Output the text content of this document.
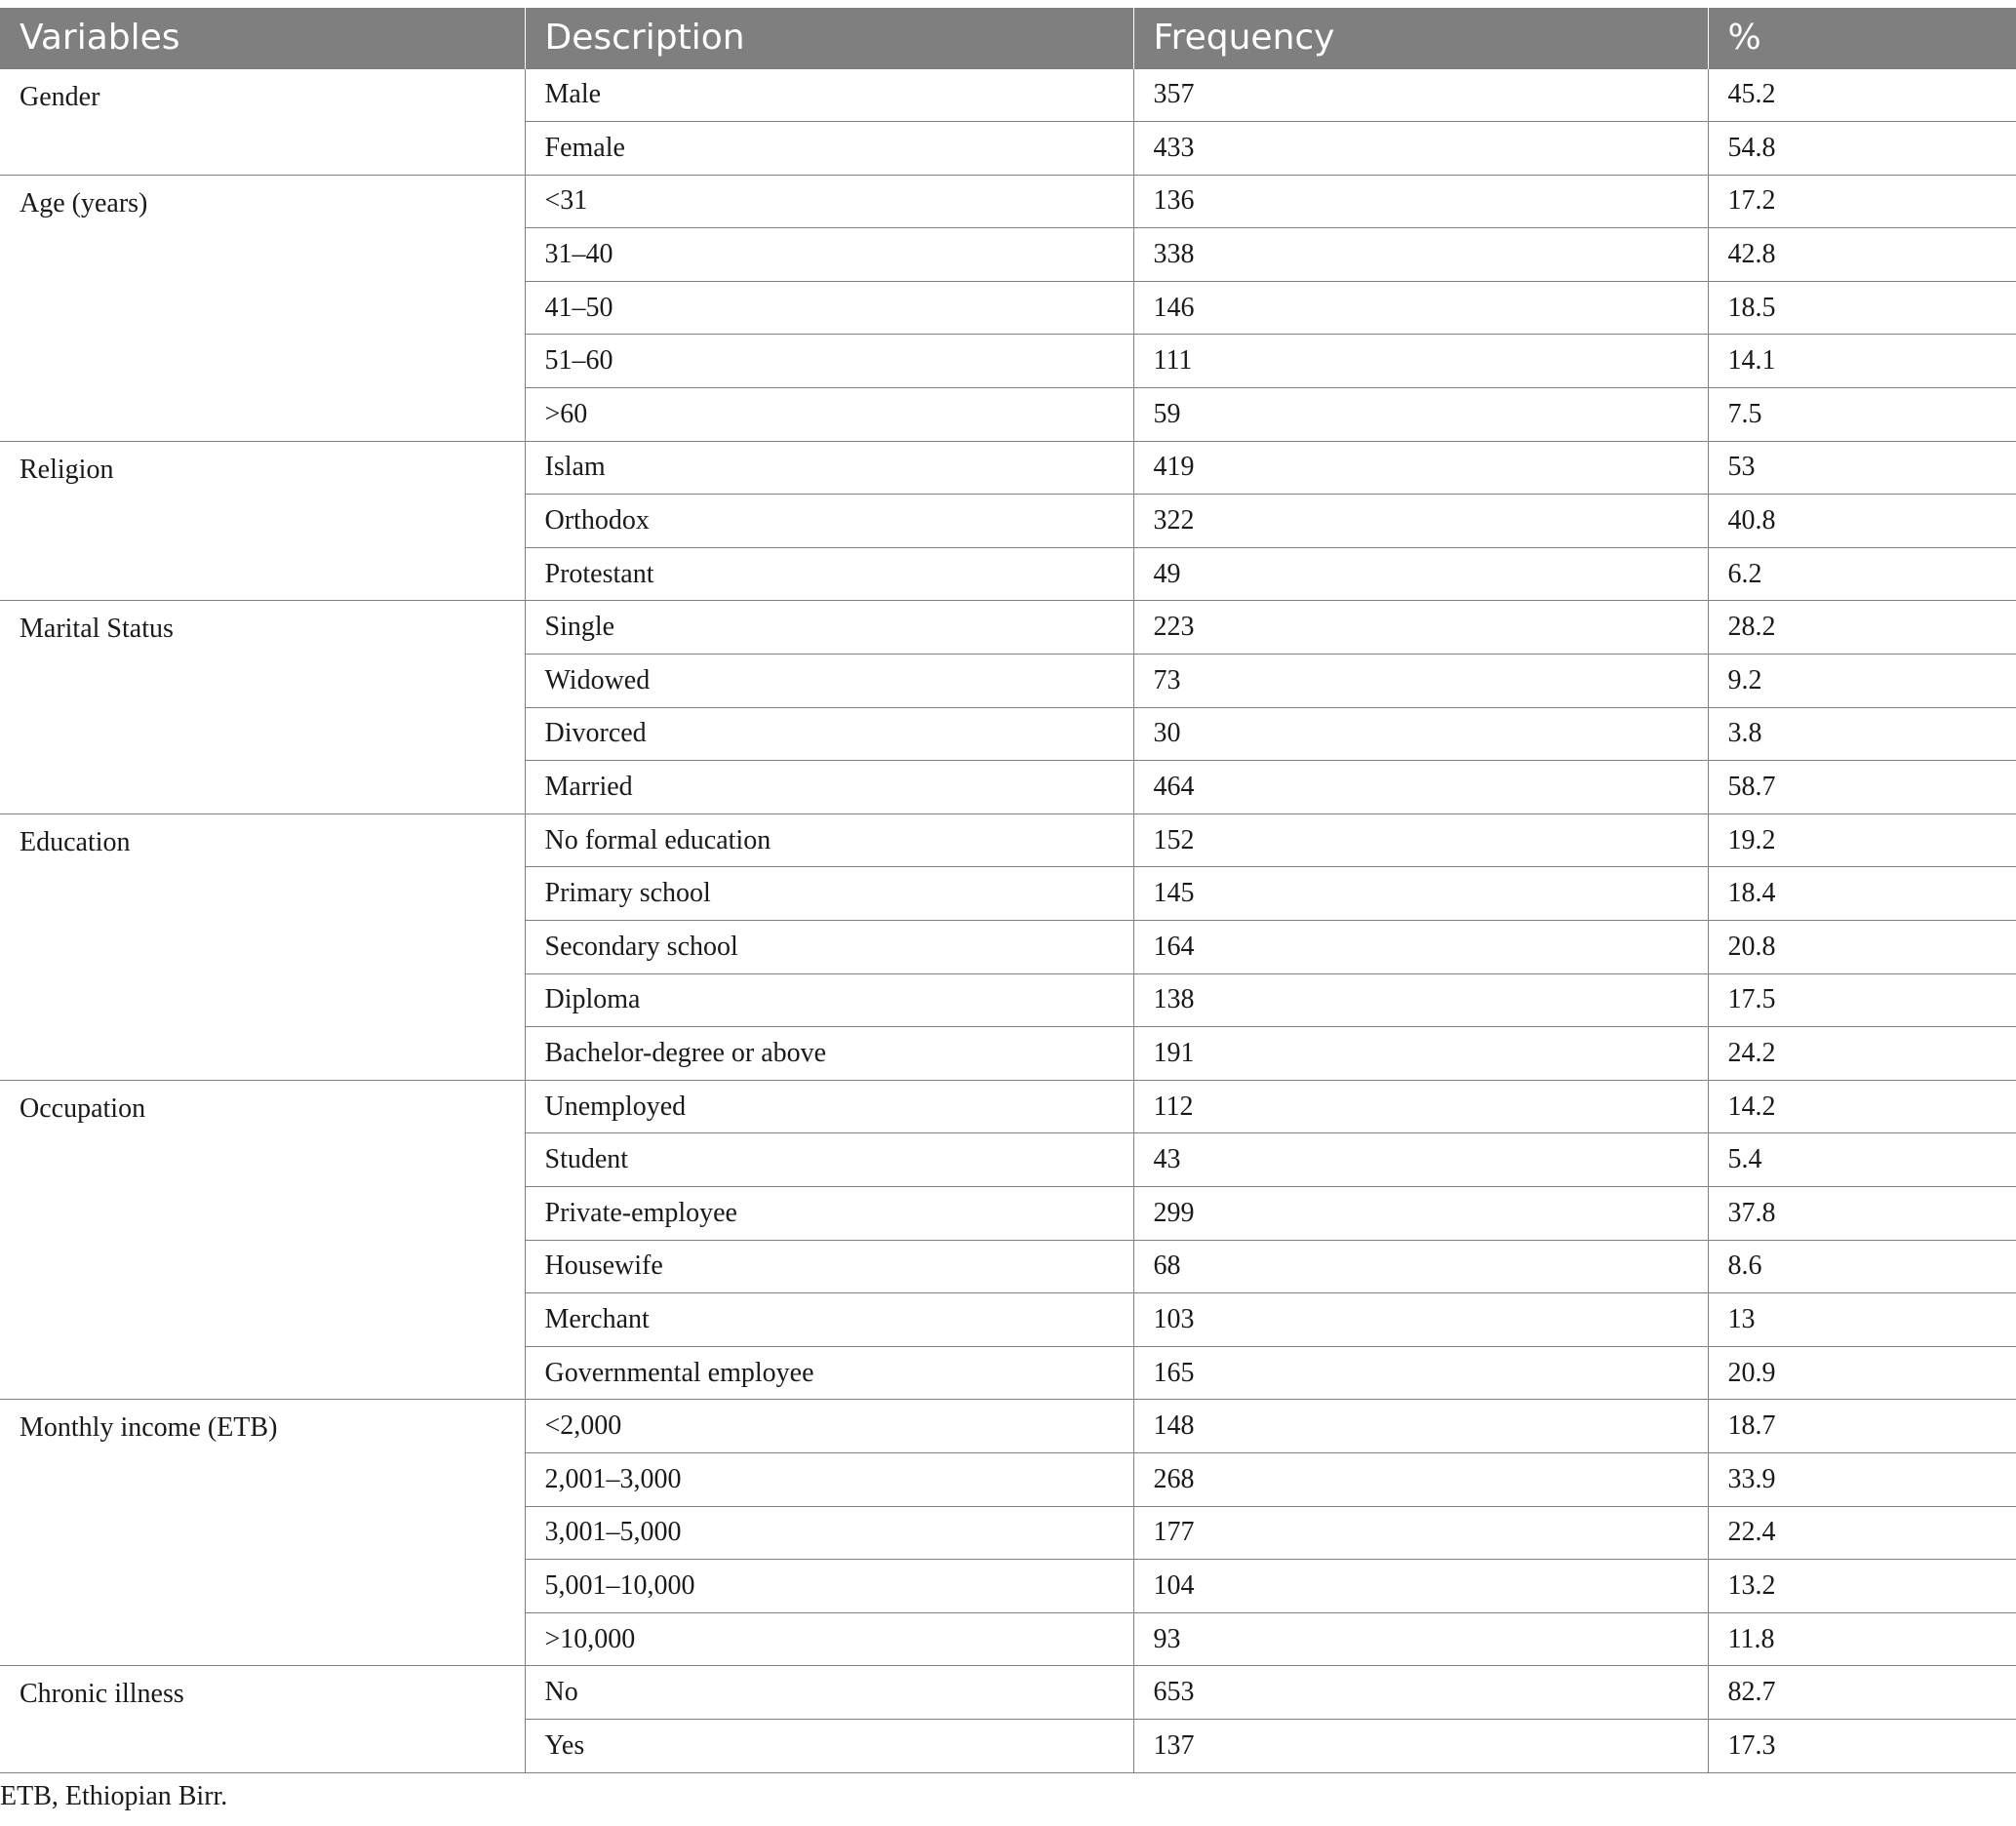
Variables	Description	Frequency	%
Gender	Male	357	45.2
	Female	433	54.8
Age (years)	<31	136	17.2
	31–40	338	42.8
	41–50	146	18.5
	51–60	111	14.1
	>60	59	7.5
Religion	Islam	419	53
	Orthodox	322	40.8
	Protestant	49	6.2
Marital Status	Single	223	28.2
	Widowed	73	9.2
	Divorced	30	3.8
	Married	464	58.7
Education	No formal education	152	19.2
	Primary school	145	18.4
	Secondary school	164	20.8
	Diploma	138	17.5
	Bachelor-degree or above	191	24.2
Occupation	Unemployed	112	14.2
	Student	43	5.4
	Private-employee	299	37.8
	Housewife	68	8.6
	Merchant	103	13
	Governmental employee	165	20.9
Monthly income (ETB)	<2,000	148	18.7
	2,001–3,000	268	33.9
	3,001–5,000	177	22.4
	5,001–10,000	104	13.2
	>10,000	93	11.8
Chronic illness	No	653	82.7
	Yes	137	17.3
ETB, Ethiopian Birr.
